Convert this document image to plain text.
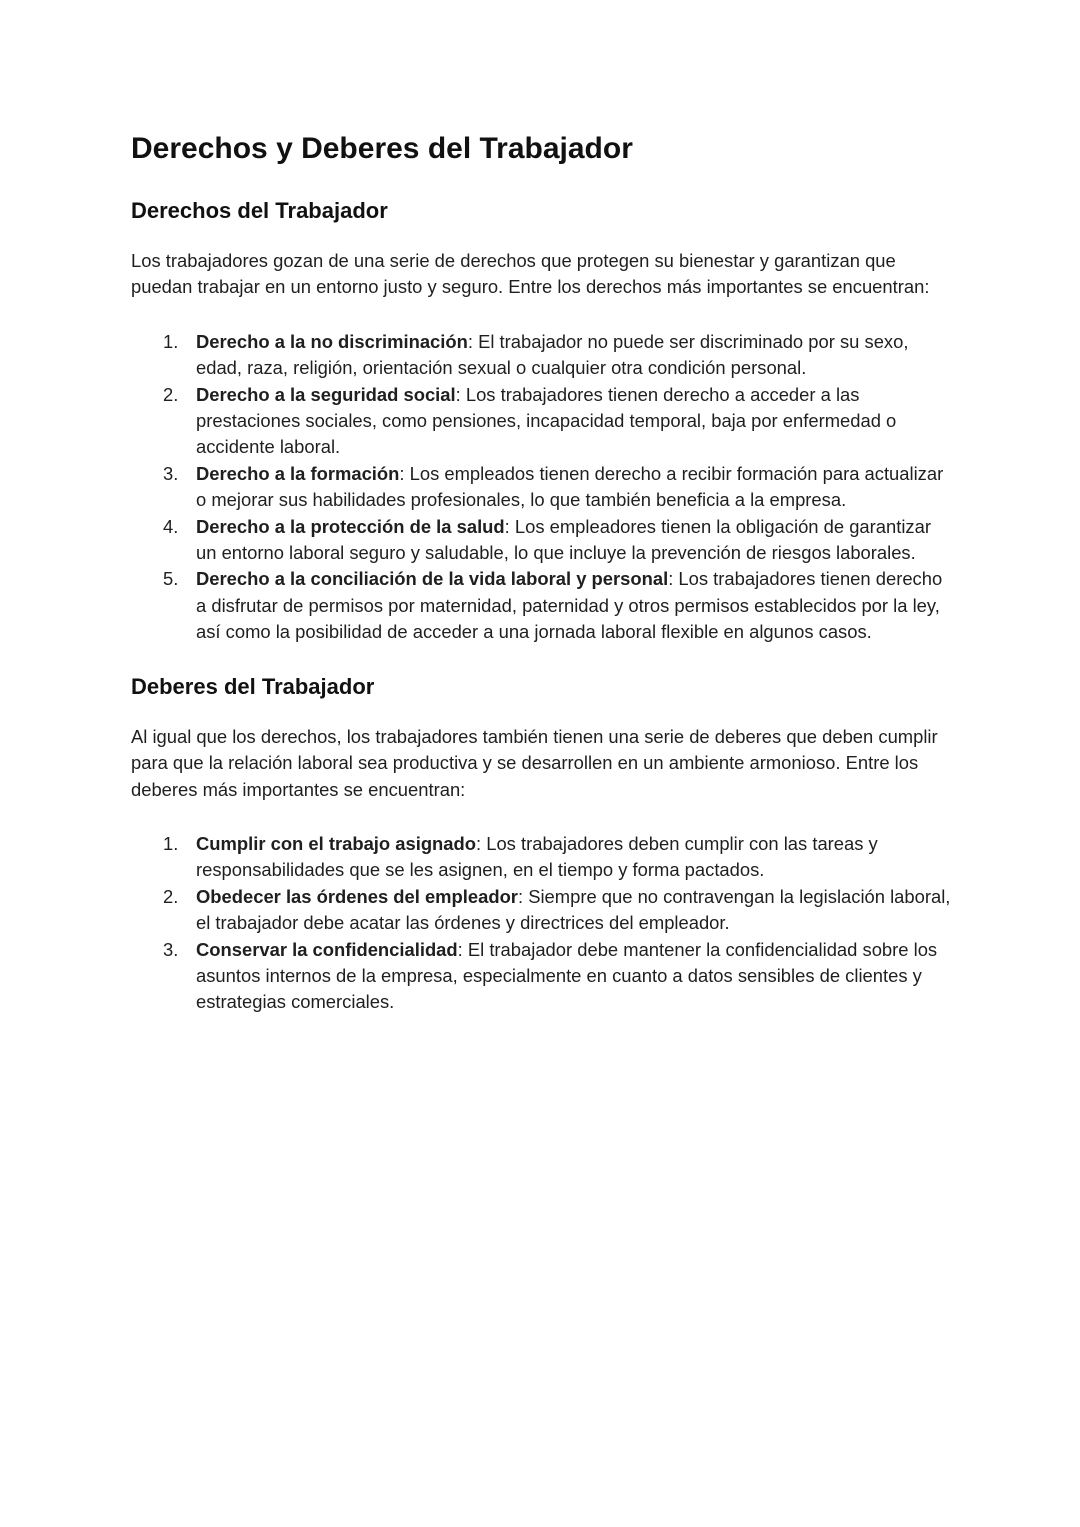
Derechos y Deberes del Trabajador
Derechos del Trabajador

Los trabajadores gozan de una serie de derechos que protegen su bienestar y garantizan que puedan trabajar en un entorno justo y seguro. Entre los derechos más importantes se encuentran:

1. Derecho a la no discriminación: El trabajador no puede ser discriminado por su sexo, edad, raza, religión, orientación sexual o cualquier otra condición personal.
2. Derecho a la seguridad social: Los trabajadores tienen derecho a acceder a las prestaciones sociales, como pensiones, incapacidad temporal, baja por enfermedad o accidente laboral.
3. Derecho a la formación: Los empleados tienen derecho a recibir formación para actualizar o mejorar sus habilidades profesionales, lo que también beneficia a la empresa.
4. Derecho a la protección de la salud: Los empleadores tienen la obligación de garantizar un entorno laboral seguro y saludable, lo que incluye la prevención de riesgos laborales.
5. Derecho a la conciliación de la vida laboral y personal: Los trabajadores tienen derecho a disfrutar de permisos por maternidad, paternidad y otros permisos establecidos por la ley, así como la posibilidad de acceder a una jornada laboral flexible en algunos casos.
Deberes del Trabajador

Al igual que los derechos, los trabajadores también tienen una serie de deberes que deben cumplir para que la relación laboral sea productiva y se desarrollen en un ambiente armonioso. Entre los deberes más importantes se encuentran:

1. Cumplir con el trabajo asignado: Los trabajadores deben cumplir con las tareas y responsabilidades que se les asignen, en el tiempo y forma pactados.
2. Obedecer las órdenes del empleador: Siempre que no contravengan la legislación laboral, el trabajador debe acatar las órdenes y directrices del empleador.
3. Conservar la confidencialidad: El trabajador debe mantener la confidencialidad sobre los asuntos internos de la empresa, especialmente en cuanto a datos sensibles de clientes y estrategias comerciales.
